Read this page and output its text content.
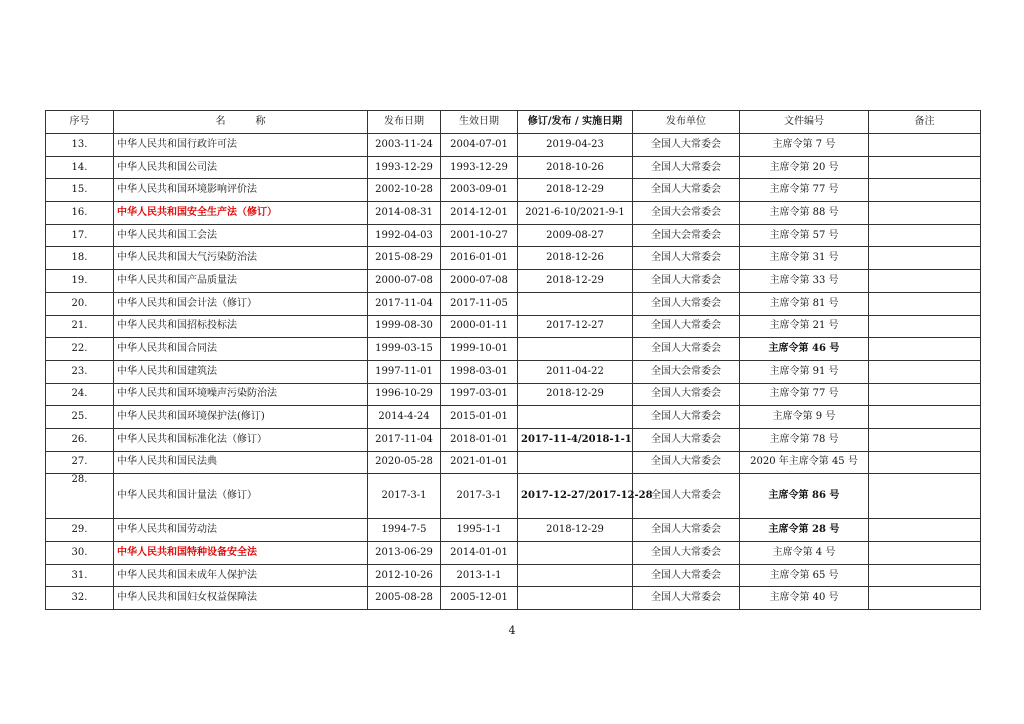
序号	名　　　称	发布日期	生效日期	修订/发布 / 实施日期	发布单位	文件编号	备注
13.	中华人民共和国行政许可法	2003-11-24	2004-07-01	2019-04-23	全国人大常委会	主席令第 7 号	
14.	中华人民共和国公司法	1993-12-29	1993-12-29	2018-10-26	全国人大常委会	主席令第 20 号	
15.	中华人民共和国环境影响评价法	2002-10-28	2003-09-01	2018-12-29	全国人大常委会	主席令第 77 号	
16.	中华人民共和国安全生产法（修订）	2014-08-31	2014-12-01	2021-6-10/2021-9-1	全国大会常委会	主席令第 88 号	
17.	中华人民共和国工会法	1992-04-03	2001-10-27	2009-08-27	全国大会常委会	主席令第 57 号	
18.	中华人民共和国大气污染防治法	2015-08-29	2016-01-01	2018-12-26	全国人大常委会	主席令第 31 号	
19.	中华人民共和国产品质量法	2000-07-08	2000-07-08	2018-12-29	全国人大常委会	主席令第 33 号	
20.	中华人民共和国会计法（修订）	2017-11-04	2017-11-05		全国人大常委会	主席令第 81 号	
21.	中华人民共和国招标投标法	1999-08-30	2000-01-11	2017-12-27	全国人大常委会	主席令第 21 号	
22.	中华人民共和国合同法	1999-03-15	1999-10-01		全国人大常委会	主席令第 46 号	
23.	中华人民共和国建筑法	1997-11-01	1998-03-01	2011-04-22	全国大会常委会	主席令第 91 号	
24.	中华人民共和国环境噪声污染防治法	1996-10-29	1997-03-01	2018-12-29	全国人大常委会	主席令第 77 号	
25.	中华人民共和国环境保护法(修订)	2014-4-24	2015-01-01		全国人大常委会	主席令第 9 号	
26.	中华人民共和国标准化法（修订）	2017-11-04	2018-01-01	2017-11-4/2018-1-1	全国人大常委会	主席令第 78 号	
27.	中华人民共和国民法典	2020-05-28	2021-01-01		全国人大常委会	2020 年主席令第 45 号	
28.	中华人民共和国计量法（修订）	2017-3-1	2017-3-1	2017-12-27/2017-12-28	全国人大常委会	主席令第 86 号	
29.	中华人民共和国劳动法	1994-7-5	1995-1-1	2018-12-29	全国人大常委会	主席令第 28 号	
30.	中华人民共和国特种设备安全法	2013-06-29	2014-01-01		全国人大常委会	主席令第 4 号	
31.	中华人民共和国未成年人保护法	2012-10-26	2013-1-1		全国人大常委会	主席令第 65 号	
32.	中华人民共和国妇女权益保障法	2005-08-28	2005-12-01		全国人大常委会	主席令第 40 号	
4
